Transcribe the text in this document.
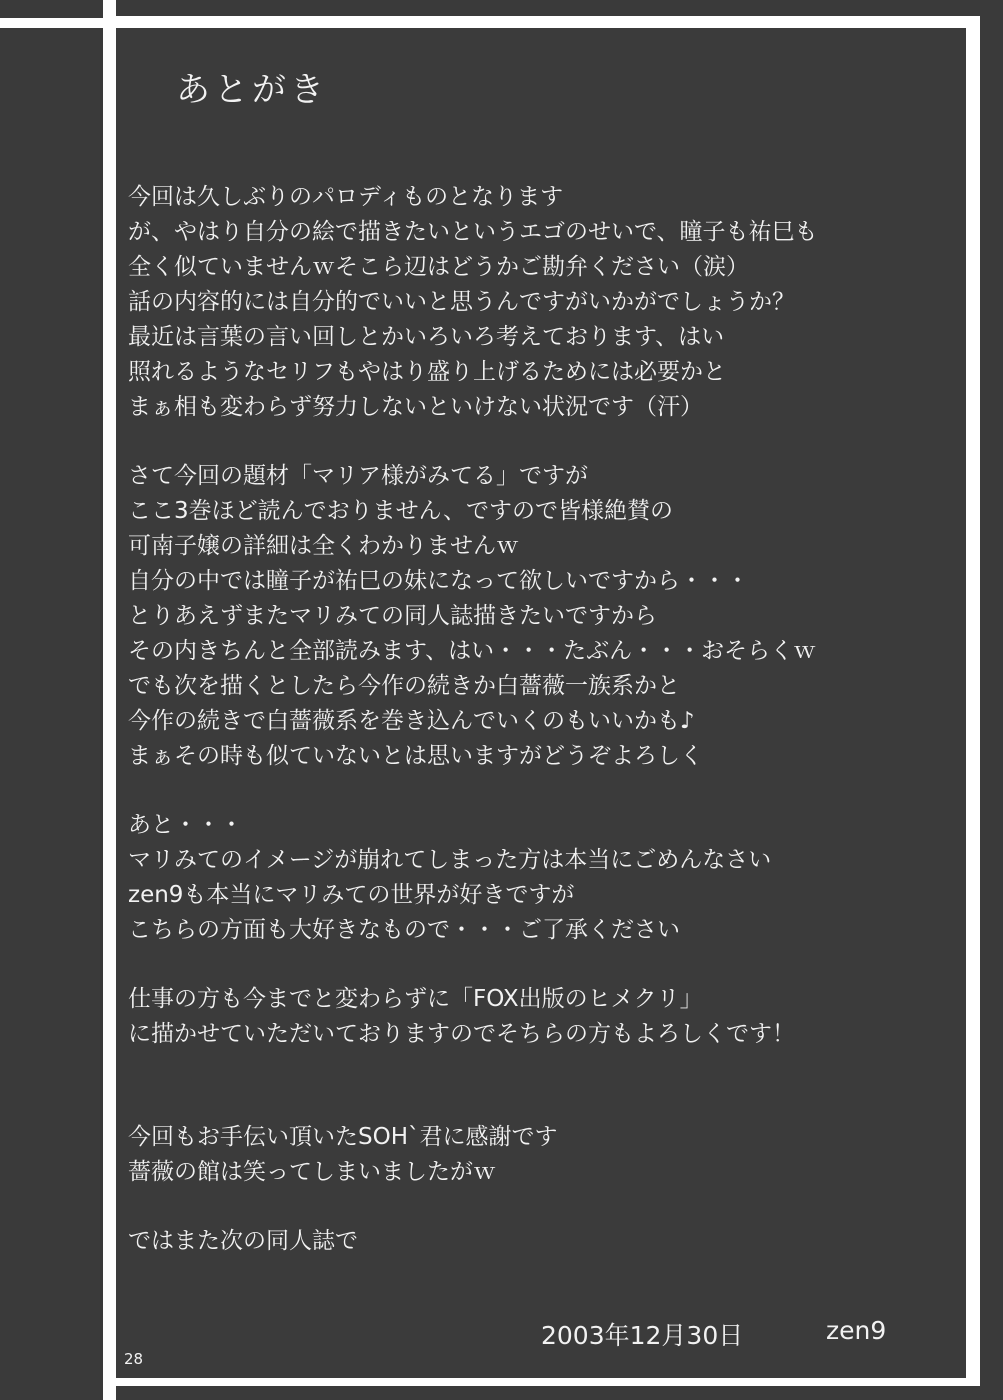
あとがき

今回は久しぶりのパロディものとなります
が、やはり自分の絵で描きたいというエゴのせいで、瞳子も祐巳も
全く似ていませんｗそこら辺はどうかご勘弁ください（涙）
話の内容的には自分的でいいと思うんですがいかがでしょうか？
最近は言葉の言い回しとかいろいろ考えております、はい
照れるようなセリフもやはり盛り上げるためには必要かと
まぁ相も変わらず努力しないといけない状況です（汗）

さて今回の題材「マリア様がみてる」ですが
ここ3巻ほど読んでおりません、ですので皆様絶賛の
可南子嬢の詳細は全くわかりませんｗ
自分の中では瞳子が祐巳の妹になって欲しいですから・・・
とりあえずまたマリみての同人誌描きたいですから
その内きちんと全部読みます、はい・・・たぶん・・・おそらくｗ
でも次を描くとしたら今作の続きか白薔薇一族系かと
今作の続きで白薔薇系を巻き込んでいくのもいいかも♪
まぁその時も似ていないとは思いますがどうぞよろしく

あと・・・
マリみてのイメージが崩れてしまった方は本当にごめんなさい
zen9も本当にマリみての世界が好きですが
こちらの方面も大好きなもので・・・ご了承ください

仕事の方も今までと変わらずに「FOX出版のヒメクリ」
に描かせていただいておりますのでそちらの方もよろしくです！

今回もお手伝い頂いたSOH`君に感謝です
薔薇の館は笑ってしまいましたがｗ

ではまた次の同人誌で

2003年12月30日	zen9
28
